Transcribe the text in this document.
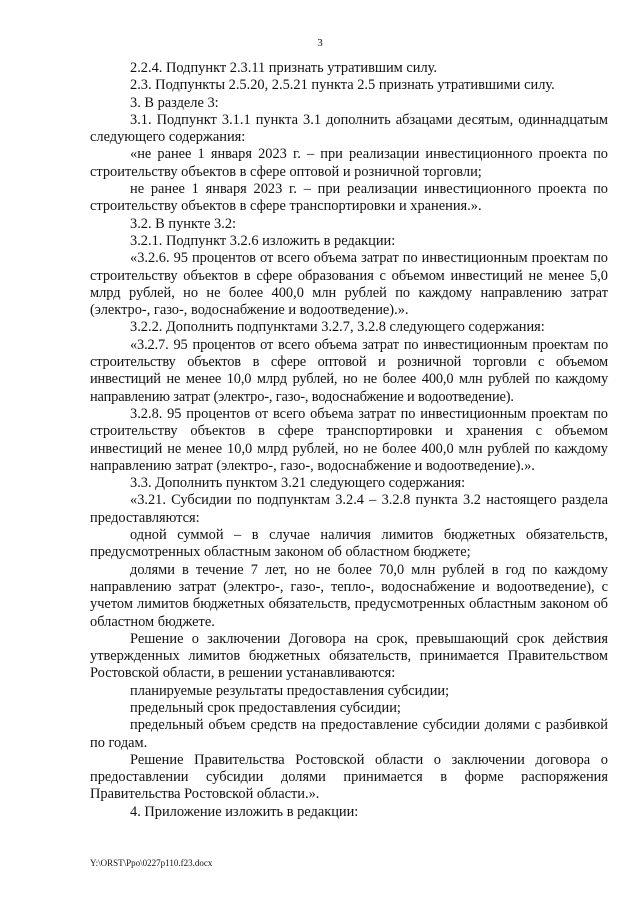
3

2.2.4. Подпункт 2.3.11 признать утратившим силу.

2.3. Подпункты 2.5.20, 2.5.21 пункта 2.5 признать утратившими силу.

3. В разделе 3:

3.1. Подпункт 3.1.1 пункта 3.1 дополнить абзацами десятым, одиннадцатым следующего содержания:

«не ранее 1 января 2023 г. – при реализации инвестиционного проекта по строительству объектов в сфере оптовой и розничной торговли;

не ранее 1 января 2023 г. – при реализации инвестиционного проекта по строительству объектов в сфере транспортировки и хранения.».

3.2. В пункте 3.2:

3.2.1. Подпункт 3.2.6 изложить в редакции:

«3.2.6. 95 процентов от всего объема затрат по инвестиционным проектам по строительству объектов в сфере образования с объемом инвестиций не менее 5,0 млрд рублей, но не более 400,0 млн рублей по каждому направлению затрат (электро-, газо-, водоснабжение и водоотведение).».

3.2.2. Дополнить подпунктами 3.2.7, 3.2.8 следующего содержания:

«3.2.7. 95 процентов от всего объема затрат по инвестиционным проектам по строительству объектов в сфере оптовой и розничной торговли с объемом инвестиций не менее 10,0 млрд рублей, но не более 400,0 млн рублей по каждому направлению затрат (электро-, газо-, водоснабжение и водоотведение).

3.2.8. 95 процентов от всего объема затрат по инвестиционным проектам по строительству объектов в сфере транспортировки и хранения с объемом инвестиций не менее 10,0 млрд рублей, но не более 400,0 млн рублей по каждому направлению затрат (электро-, газо-, водоснабжение и водоотведение).».

3.3. Дополнить пунктом 3.21 следующего содержания:

«3.21. Субсидии по подпунктам 3.2.4 – 3.2.8 пункта 3.2 настоящего раздела предоставляются:

одной суммой – в случае наличия лимитов бюджетных обязательств, предусмотренных областным законом об областном бюджете;

долями в течение 7 лет, но не более 70,0 млн рублей в год по каждому направлению затрат (электро-, газо-, тепло-, водоснабжение и водоотведение), с учетом лимитов бюджетных обязательств, предусмотренных областным законом об областном бюджете.

Решение о заключении Договора на срок, превышающий срок действия утвержденных лимитов бюджетных обязательств, принимается Правительством Ростовской области, в решении устанавливаются:

планируемые результаты предоставления субсидии;

предельный срок предоставления субсидии;

предельный объем средств на предоставление субсидии долями с разбивкой по годам.

Решение Правительства Ростовской области о заключении договора о предоставлении субсидии долями принимается в форме распоряжения Правительства Ростовской области.».

4. Приложение изложить в редакции:

Y:\ORST\Ppo\0227p110.f23.docx
